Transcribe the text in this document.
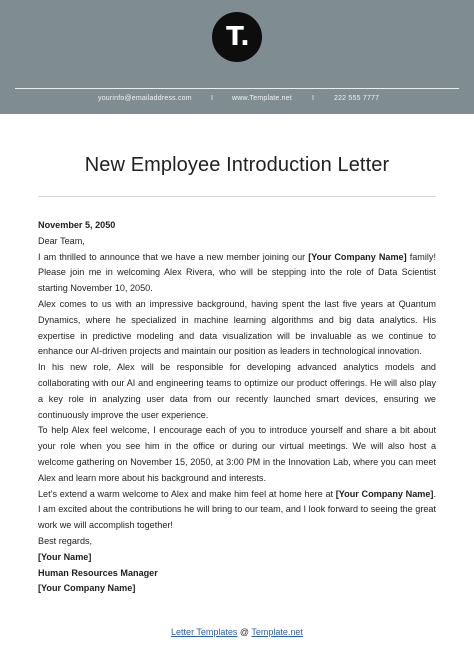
T.
yourinfo@emailaddress.com	I	www.Template.net	I	222 555 7777
New Employee Introduction Letter

November 5, 2050

Dear Team,

I am thrilled to announce that we have a new member joining our [Your Company Name] family! Please join me in welcoming Alex Rivera, who will be stepping into the role of Data Scientist starting November 10, 2050.

Alex comes to us with an impressive background, having spent the last five years at Quantum Dynamics, where he specialized in machine learning algorithms and big data analytics. His expertise in predictive modeling and data visualization will be invaluable as we continue to enhance our AI-driven projects and maintain our position as leaders in technological innovation.

In his new role, Alex will be responsible for developing advanced analytics models and collaborating with our AI and engineering teams to optimize our product offerings. He will also play a key role in analyzing user data from our recently launched smart devices, ensuring we continuously improve the user experience.

To help Alex feel welcome, I encourage each of you to introduce yourself and share a bit about your role when you see him in the office or during our virtual meetings. We will also host a welcome gathering on November 15, 2050, at 3:00 PM in the Innovation Lab, where you can meet Alex and learn more about his background and interests.

Let’s extend a warm welcome to Alex and make him feel at home here at [Your Company Name]. I am excited about the contributions he will bring to our team, and I look forward to seeing the great work we will accomplish together!

Best regards,

[Your Name]

Human Resources Manager

[Your Company Name]

Letter Templates @ Template.net
